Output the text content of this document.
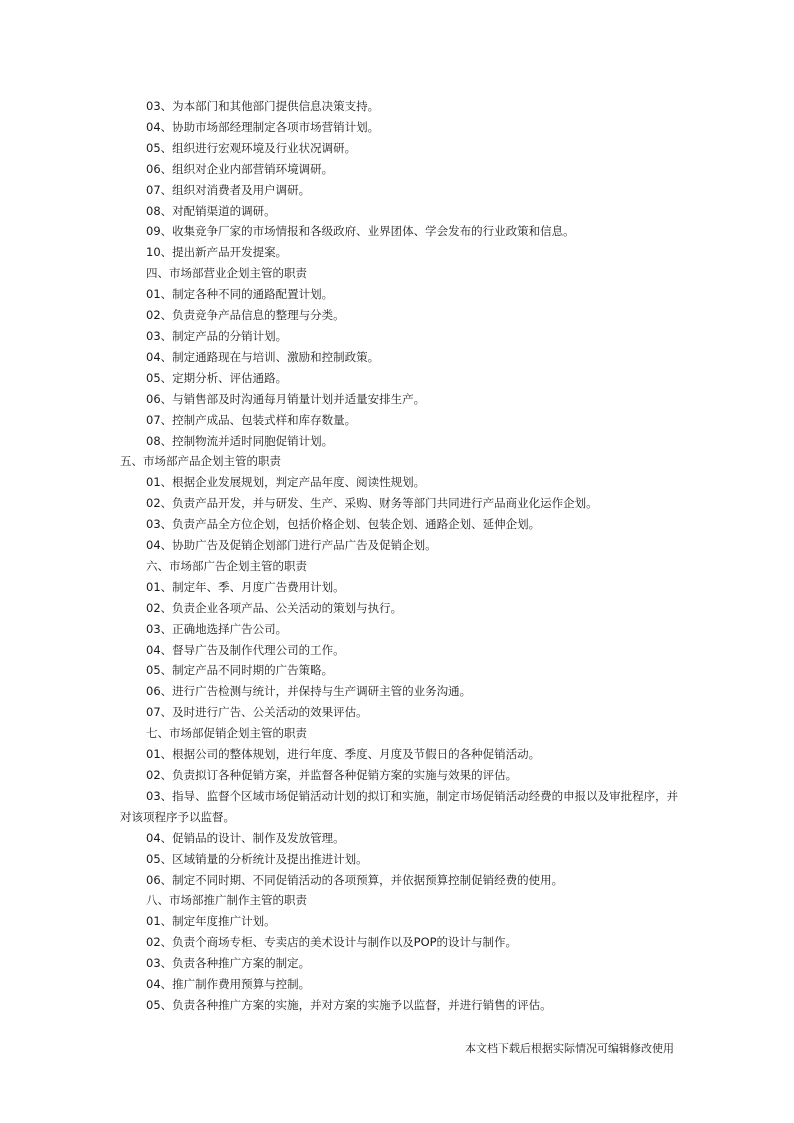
03、为本部门和其他部门提供信息决策支持。
04、协助市场部经理制定各项市场营销计划。
05、组织进行宏观环境及行业状况调研。
06、组织对企业内部营销环境调研。
07、组织对消费者及用户调研。
08、对配销渠道的调研。
09、收集竞争厂家的市场情报和各级政府、业界团体、学会发布的行业政策和信息。
10、提出新产品开发提案。
四、市场部营业企划主管的职责
01、制定各种不同的通路配置计划。
02、负责竞争产品信息的整理与分类。
03、制定产品的分销计划。
04、制定通路现在与培训、激励和控制政策。
05、定期分析、评估通路。
06、与销售部及时沟通每月销量计划并适量安排生产。
07、控制产成品、包装式样和库存数量。
08、控制物流并适时同胞促销计划。
五、市场部产品企划主管的职责
01、根据企业发展规划，判定产品年度、阅读性规划。
02、负责产品开发，并与研发、生产、采购、财务等部门共同进行产品商业化运作企划。
03、负责产品全方位企划，包括价格企划、包装企划、通路企划、延伸企划。
04、协助广告及促销企划部门进行产品广告及促销企划。
六、市场部广告企划主管的职责
01、制定年、季、月度广告费用计划。
02、负责企业各项产品、公关活动的策划与执行。
03、正确地选择广告公司。
04、督导广告及制作代理公司的工作。
05、制定产品不同时期的广告策略。
06、进行广告检测与统计，并保持与生产调研主管的业务沟通。
07、及时进行广告、公关活动的效果评估。
七、市场部促销企划主管的职责
01、根据公司的整体规划，进行年度、季度、月度及节假日的各种促销活动。
02、负责拟订各种促销方案，并监督各种促销方案的实施与效果的评估。
03、指导、监督个区域市场促销活动计划的拟订和实施，制定市场促销活动经费的申报以及审批程序，并对该项程序予以监督。
04、促销品的设计、制作及发放管理。
05、区域销量的分析统计及提出推进计划。
06、制定不同时期、不同促销活动的各项预算，并依据预算控制促销经费的使用。
八、市场部推广制作主管的职责
01、制定年度推广计划。
02、负责个商场专柜、专卖店的美术设计与制作以及POP的设计与制作。
03、负责各种推广方案的制定。
04、推广制作费用预算与控制。
05、负责各种推广方案的实施，并对方案的实施予以监督，并进行销售的评估。
本文档下载后根据实际情况可编辑修改使用
